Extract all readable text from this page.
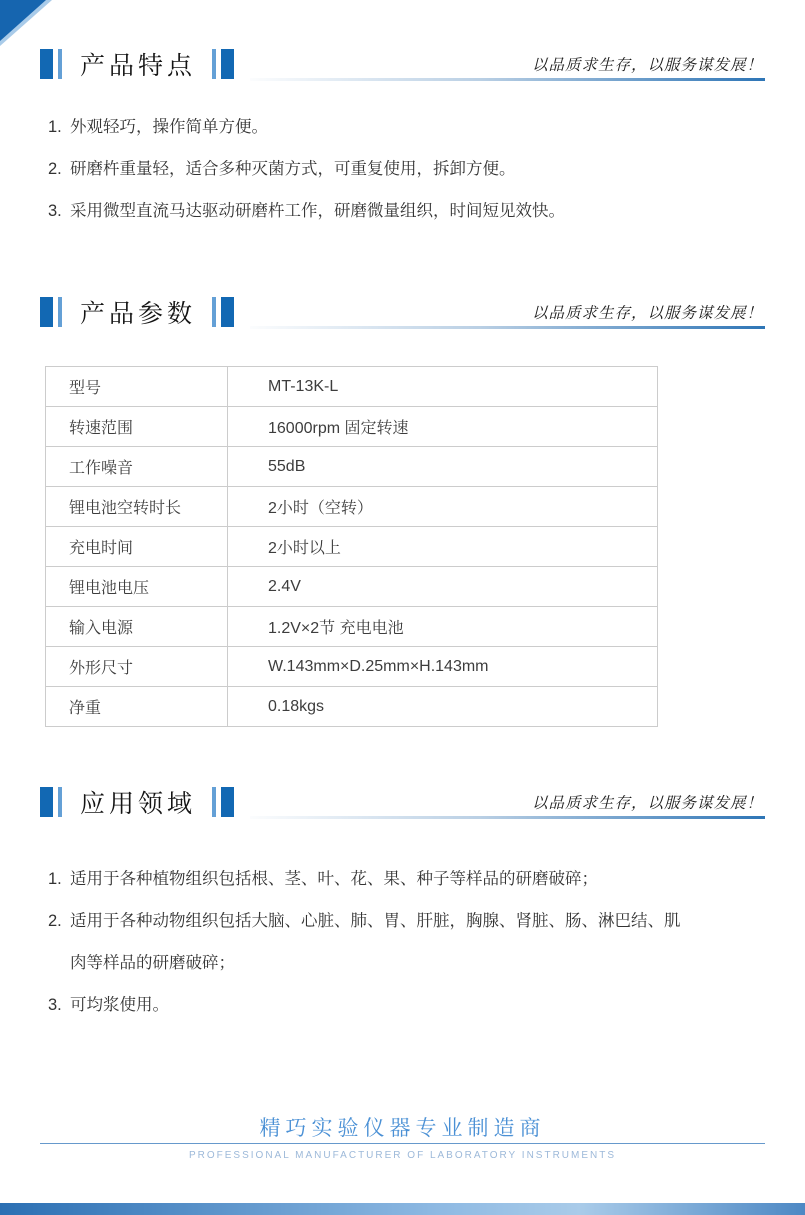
产品特点	以品质求生存，以服务谋发展！
1. 外观轻巧，操作简单方便。
2. 研磨杵重量轻，适合多种灭菌方式，可重复使用，拆卸方便。
3. 采用微型直流马达驱动研磨杵工作，研磨微量组织，时间短见效快。
产品参数	以品质求生存，以服务谋发展！
型号	MT-13K-L
转速范围	16000rpm 固定转速
工作噪音	55dB
锂电池空转时长	2小时（空转）
充电时间	2小时以上
锂电池电压	2.4V
输入电源	1.2V×2节 充电电池
外形尺寸	W.143mm×D.25mm×H.143mm
净重	0.18kgs
应用领域	以品质求生存，以服务谋发展！
1. 适用于各种植物组织包括根、茎、叶、花、果、种子等样品的研磨破碎；
2. 适用于各种动物组织包括大脑、心脏、肺、胃、肝脏，胸腺、肾脏、肠、淋巴结、肌肉等样品的研磨破碎；
3. 可均浆使用。
精巧实验仪器专业制造商
PROFESSIONAL MANUFACTURER OF LABORATORY INSTRUMENTS
